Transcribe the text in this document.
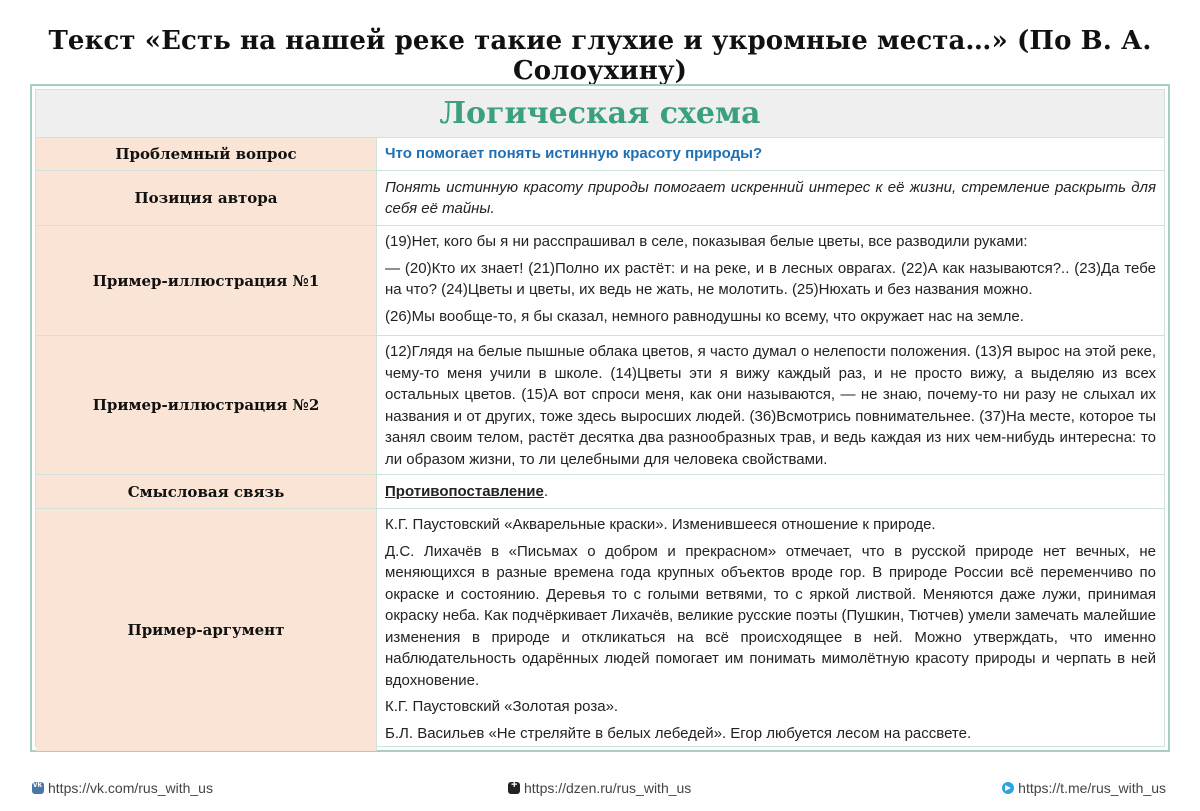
Текст «Есть на нашей реке такие глухие и укромные места…» (По В. А. Солоухину)
Логическая схема
Проблемный вопрос	Что помогает понять истинную красоту природы?
Позиция автора
Понять истинную красоту природы помогает искренний интерес к её жизни, стремление раскрыть для себя её тайны.
Пример-иллюстрация №1

(19)Нет, кого бы я ни расспрашивал в селе, показывая белые цветы, все разводили руками:

— (20)Кто их знает! (21)Полно их растёт: и на реке, и в лесных оврагах. (22)А как называются?.. (23)Да тебе на что? (24)Цветы и цветы, их ведь не жать, не молотить. (25)Нюхать и без названия можно.

(26)Мы вообще-то, я бы сказал, немного равнодушны ко всему, что окружает нас на земле.

Пример-иллюстрация №2

(12)Глядя на белые пышные облака цветов, я часто думал о нелепости положения. (13)Я вырос на этой реке, чему-то меня учили в школе. (14)Цветы эти я вижу каждый раз, и не просто вижу, а выделяю из всех остальных цветов. (15)А вот спроси меня, как они называются, — не знаю, почему-то ни разу не слыхал их названия и от других, тоже здесь выросших людей. (36)Всмотрись повнимательнее. (37)На месте, которое ты занял своим телом, растёт десятка два разнообразных трав, и ведь каждая из них чем-нибудь интересна: то ли образом жизни, то ли целебными для человека свойствами.

Смысловая связь	Противопоставление .
Пример-аргумент

К.Г. Паустовский «Акварельные краски». Изменившееся отношение к природе.

Д.С. Лихачёв в «Письмах о добром и прекрасном» отмечает, что в русской природе нет вечных, не меняющихся в разные времена года крупных объектов вроде гор. В природе России всё переменчиво по окраске и состоянию. Деревья то с голыми ветвями, то с яркой листвой. Меняются даже лужи, принимая окраску неба. Как подчёркивает Лихачёв, великие русские поэты (Пушкин, Тютчев) умели замечать малейшие изменения в природе и откликаться на всё происходящее в ней. Можно утверждать, что именно наблюдательность одарённых людей помогает им понимать мимолётную красоту природы и черпать в ней вдохновение.

К.Г. Паустовский «Золотая роза».

Б.Л. Васильев «Не стреляйте в белых лебедей». Егор любуется лесом на рассвете.

vk
https://vk.com/rus_with_us
+	https://dzen.ru/rus_with_us	https://t.me/rus_with_us
